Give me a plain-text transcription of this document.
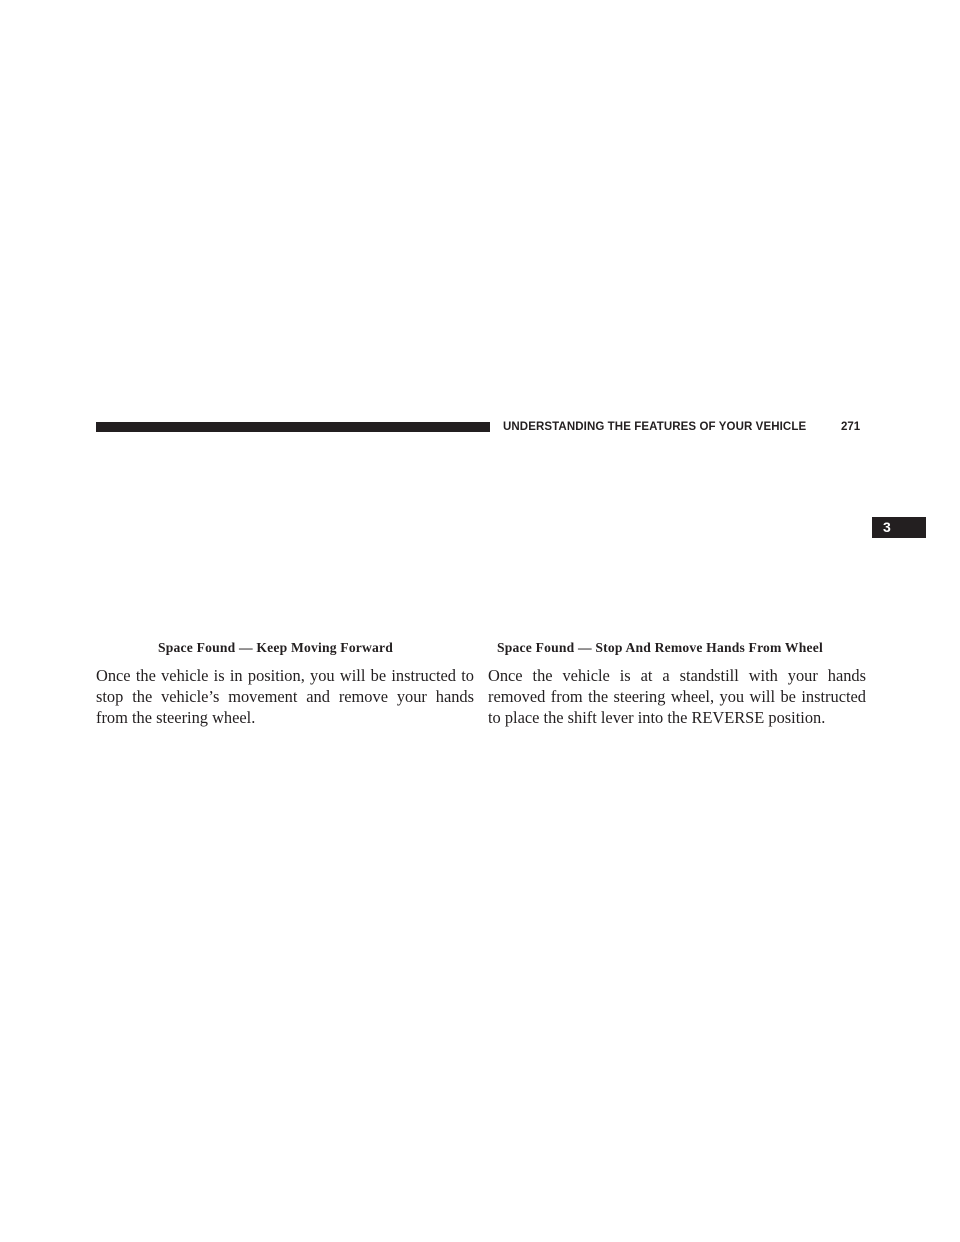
UNDERSTANDING THE FEATURES OF YOUR VEHICLE	271
3
Space Found — Keep Moving Forward	Space Found — Stop And Remove Hands From Wheel
Once the vehicle is in position, you will be instructed to stop the vehicle’s movement and remove your hands from the steering wheel.
Once the vehicle is at a standstill with your hands removed from the steering wheel, you will be instructed to place the shift lever into the REVERSE position.
